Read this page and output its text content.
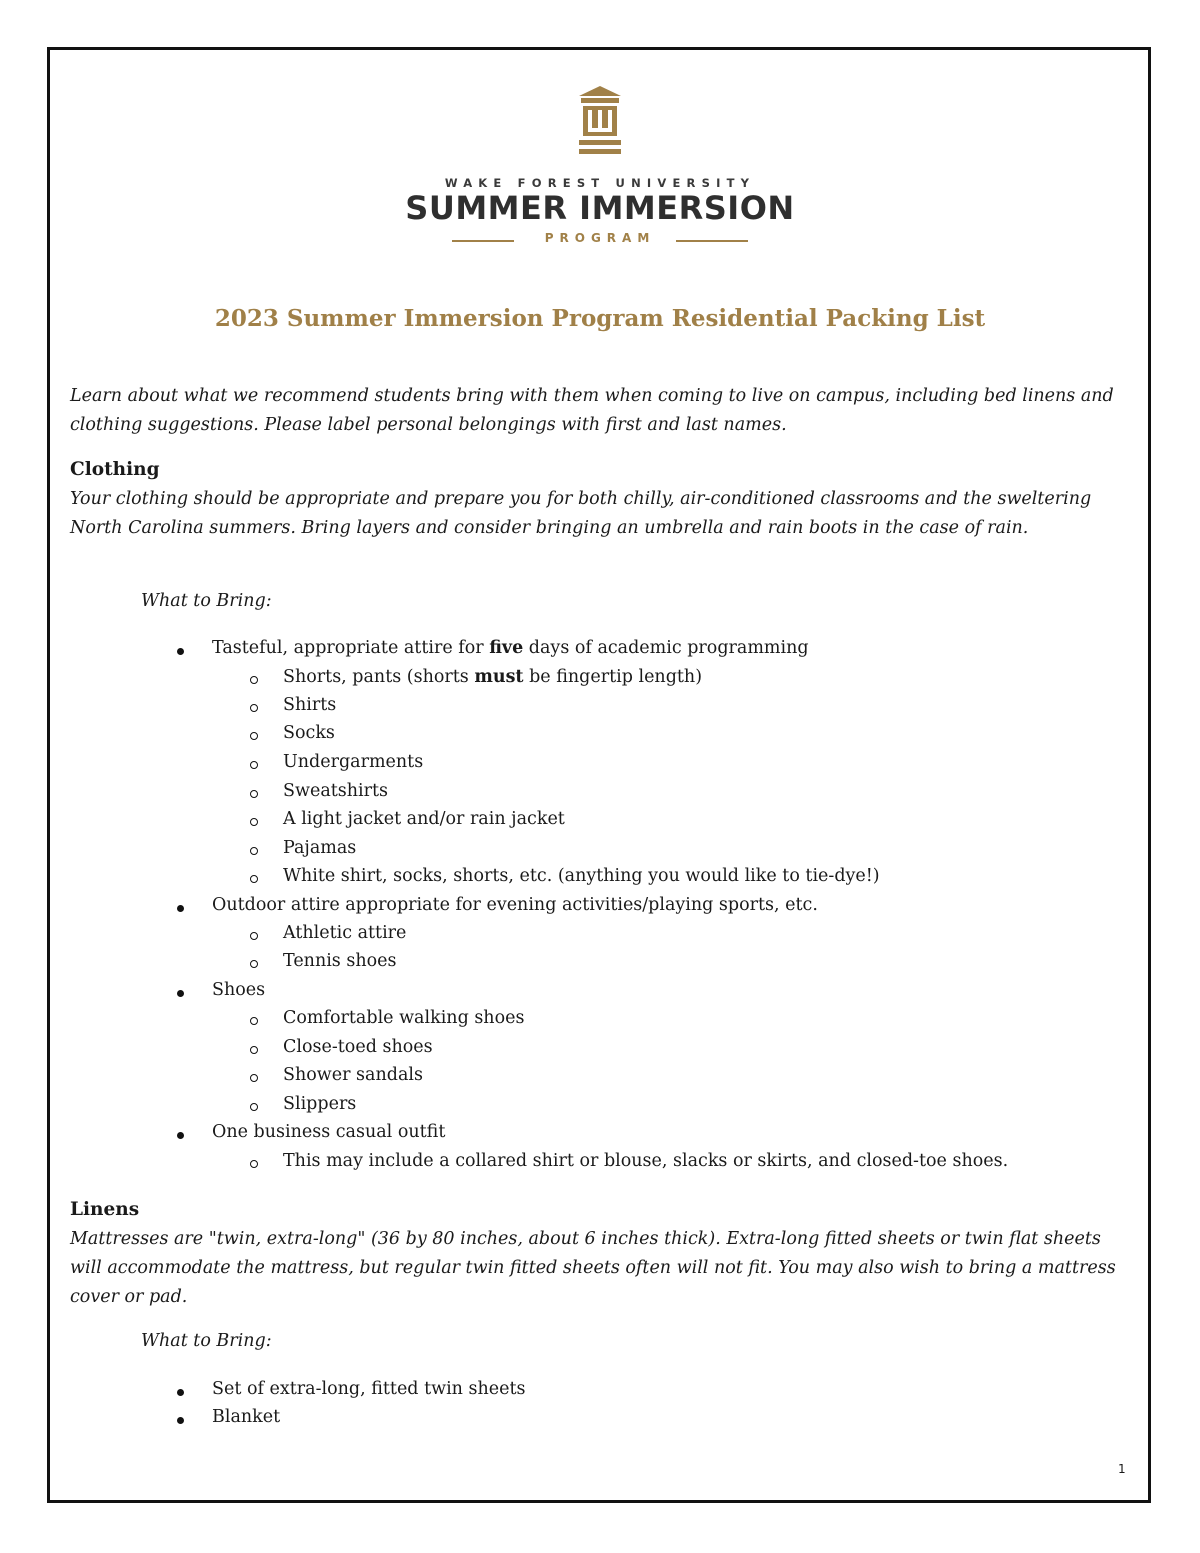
WAKE FOREST UNIVERSITY
SUMMER IMMERSION
PROGRAM
2023 Summer Immersion Program Residential Packing List

Learn about what we recommend students bring with them when coming to live on campus, including bed linens and clothing suggestions. Please label personal belongings with first and last names.

Clothing

Your clothing should be appropriate and prepare you for both chilly, air-conditioned classrooms and the sweltering North Carolina summers. Bring layers and consider bringing an umbrella and rain boots in the case of rain.

What to Bring:

Tasteful, appropriate attire for five days of academic programming
Shorts, pants (shorts must be fingertip length)
Shirts
Socks
Undergarments
Sweatshirts
A light jacket and/or rain jacket
Pajamas
White shirt, socks, shorts, etc. (anything you would like to tie-dye!)
Outdoor attire appropriate for evening activities/playing sports, etc.
Athletic attire
Tennis shoes
Shoes
Comfortable walking shoes
Close-toed shoes
Shower sandals
Slippers
One business casual outfit
This may include a collared shirt or blouse, slacks or skirts, and closed-toe shoes.
Linens

Mattresses are "twin, extra-long" (36 by 80 inches, about 6 inches thick). Extra-long fitted sheets or twin flat sheets will accommodate the mattress, but regular twin fitted sheets often will not fit. You may also wish to bring a mattress cover or pad.

What to Bring:

Set of extra-long, fitted twin sheets
Blanket
1
